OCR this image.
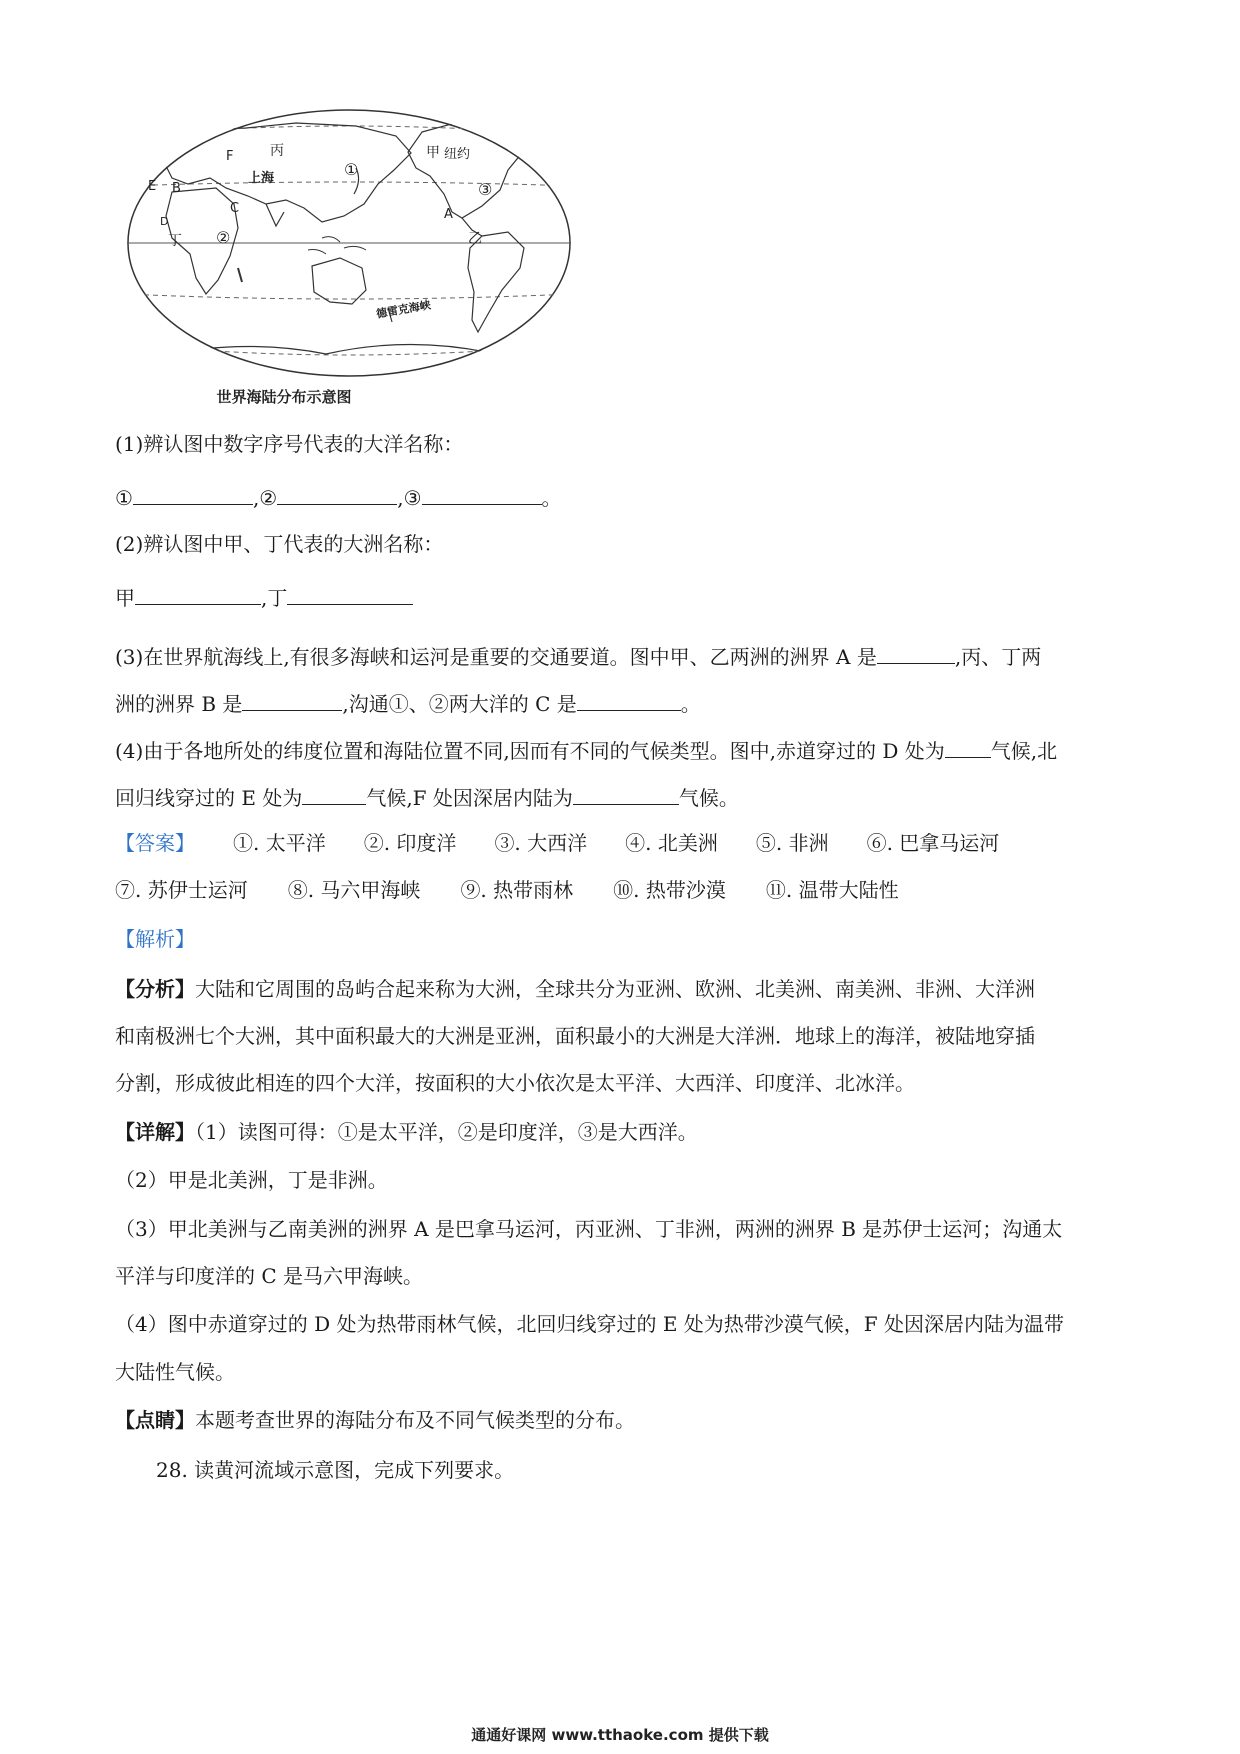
F	丙
①
甲 纽约
上海
E B	③
C
D	A
丁 ②	乙
德雷克海峡
世界海陆分布示意图
(1)辨认图中数字序号代表的大洋名称：
①	,②	,③	。
(2)辨认图中甲、丁代表的大洲名称：
甲	,丁
(3)在世界航海线上,有很多海峡和运河是重要的交通要道。图中甲、乙两洲的洲界 A 是	,丙、丁两
洲的洲界 B 是	,沟通①、②两大洋的 C 是	。
(4)由于各地所处的纬度位置和海陆位置不同,因而有不同的气候类型。图中,赤道穿过的 D 处为 气候,北
回归线穿过的 E 处为	气候,F 处因深居内陆为	气候。
【答案】 ①. 太平洋 ②. 印度洋 ③. 大西洋 ④. 北美洲 ⑤. 非洲 ⑥. 巴拿马运河
⑦. 苏伊士运河 ⑧. 马六甲海峡 ⑨. 热带雨林 ⑩. 热带沙漠 ⑪. 温带大陆性
【解析】
【分析】大陆和它周围的岛屿合起来称为大洲，全球共分为亚洲、欧洲、北美洲、南美洲、非洲、大洋洲
和南极洲七个大洲，其中面积最大的大洲是亚洲，面积最小的大洲是大洋洲．地球上的海洋，被陆地穿插
分割，形成彼此相连的四个大洋，按面积的大小依次是太平洋、大西洋、印度洋、北冰洋。
【详解】（1）读图可得：①是太平洋，②是印度洋，③是大西洋。
（2）甲是北美洲，丁是非洲。
（3）甲北美洲与乙南美洲的洲界 A 是巴拿马运河，丙亚洲、丁非洲，两洲的洲界 B 是苏伊士运河；沟通太
平洋与印度洋的 C 是马六甲海峡。
（4）图中赤道穿过的 D 处为热带雨林气候，北回归线穿过的 E 处为热带沙漠气候，F 处因深居内陆为温带
大陆性气候。
【点睛】本题考查世界的海陆分布及不同气候类型的分布。
28. 读黄河流域示意图，完成下列要求。
通通好课网 www.tthaoke.com 提供下载
